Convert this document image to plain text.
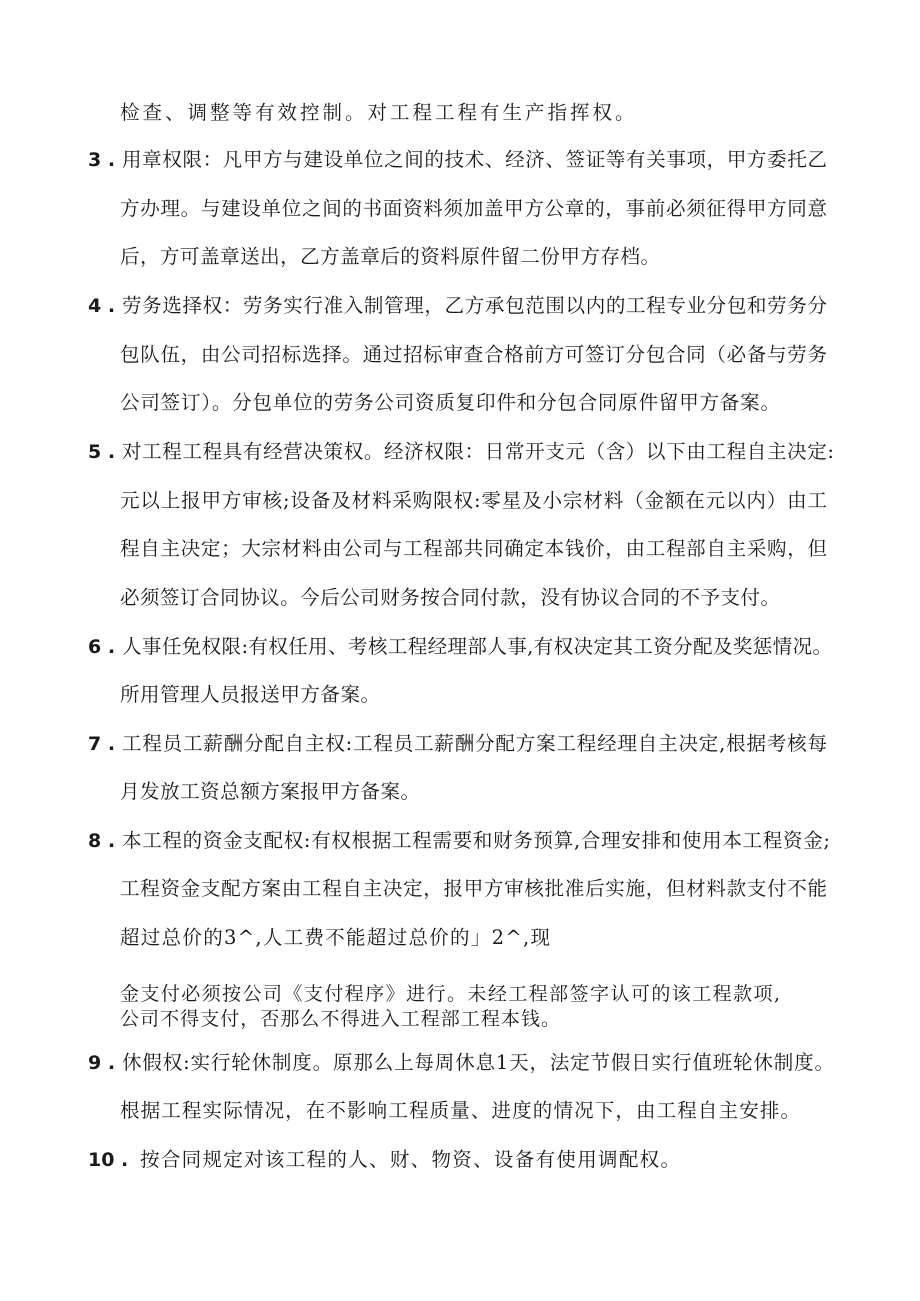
检查、调整等有效控制。对工程工程有生产指挥权。
3 . 用章权限：凡甲方与建设单位之间的技术、经济、签证等有关事项，甲方委托乙
方办理。与建设单位之间的书面资料须加盖甲方公章的，事前必须征得甲方同意
后，方可盖章送出，乙方盖章后的资料原件留二份甲方存档。
4 . 劳务选择权：劳务实行准入制管理，乙方承包范围以内的工程专业分包和劳务分
包队伍，由公司招标选择。通过招标审查合格前方可签订分包合同（必备与劳务
公司签订）。分包单位的劳务公司资质复印件和分包合同原件留甲方备案。
5 . 对工程工程具有经营决策权。经济权限：日常开支元（含）以下由工程自主决定:
元以上报甲方审核;设备及材料采购限权:零星及小宗材料（金额在元以内）由工
程自主决定；大宗材料由公司与工程部共同确定本钱价，由工程部自主采购，但
必须签订合同协议。今后公司财务按合同付款，没有协议合同的不予支付。
6 . 人事任免权限:有权任用、考核工程经理部人事,有权决定其工资分配及奖惩情况。
所用管理人员报送甲方备案。
7 . 工程员工薪酬分配自主权:工程员工薪酬分配方案工程经理自主决定,根据考核每
月发放工资总额方案报甲方备案。
8 . 本工程的资金支配权:有权根据工程需要和财务预算,合理安排和使用本工程资金;
工程资金支配方案由工程自主决定，报甲方审核批准后实施，但材料款支付不能
超过总价的3^,人工费不能超过总价的」2^,现
金支付必须按公司《支付程序》进行。未经工程部签字认可的该工程款项,
公司不得支付，否那么不得进入工程部工程本钱。
9 . 休假权:实行轮休制度。原那么上每周休息1天，法定节假日实行值班轮休制度。
根据工程实际情况，在不影响工程质量、进度的情况下，由工程自主安排。
10 . 按合同规定对该工程的人、财、物资、设备有使用调配权。
